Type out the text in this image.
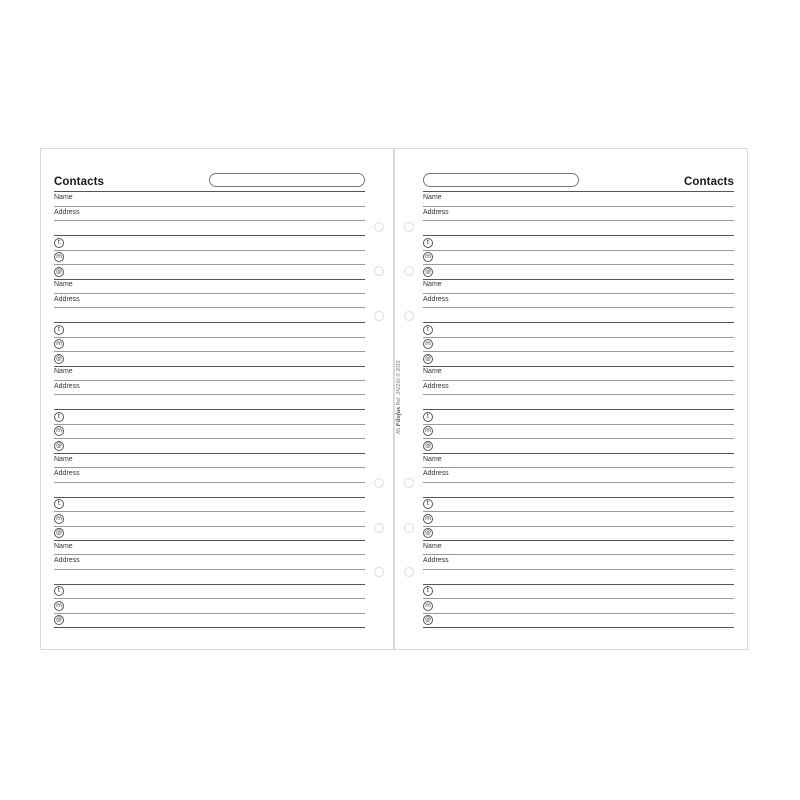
Contacts
Name
Address
t
m
@
Name
Address
t
m
@
Name
Address
t
m
@
Name
Address
t
m
@
Name
Address
t
m
@
Contacts
Name
Address
t
m
@
Name
Address
t
m
@
Name
Address
t
m
@
Name
Address
t
m
@
Name
Address
t
m
@
A5 Filofax Ref. 342206 © 2019
